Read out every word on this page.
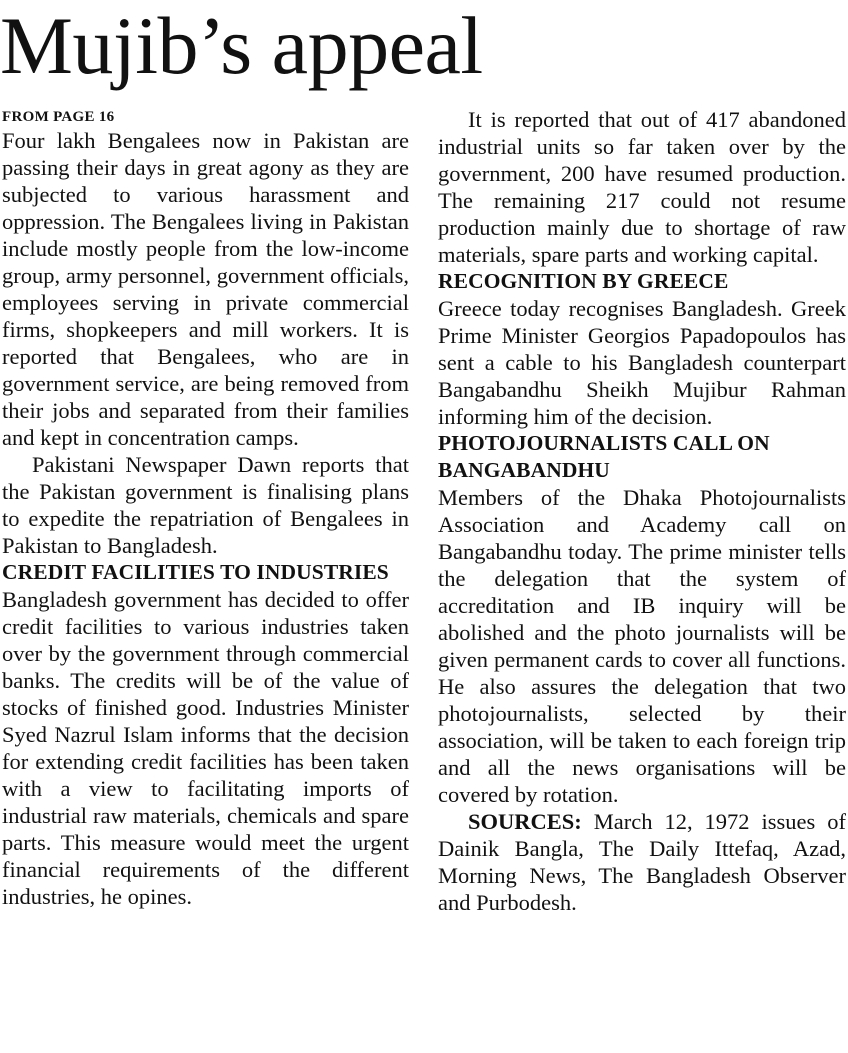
Mujib’s appeal
FROM PAGE 16

Four lakh Bengalees now in Pakistan are passing their days in great agony as they are subjected to various harassment and oppression. The Bengalees living in Pakistan include mostly people from the low-income group, army personnel, government officials, employees serving in private commercial firms, shopkeepers and mill workers. It is reported that Bengalees, who are in government service, are being removed from their jobs and separated from their families and kept in concentration camps.

Pakistani Newspaper Dawn reports that the Pakistan government is finalising plans to expedite the repatriation of Bengalees in Pakistan to Bangladesh.

CREDIT FACILITIES TO INDUSTRIES

Bangladesh government has decided to offer credit facilities to various industries taken over by the government through commercial banks. The credits will be of the value of stocks of finished good. Industries Minister Syed Nazrul Islam informs that the decision for extending credit facilities has been taken with a view to facilitating imports of industrial raw materials, chemicals and spare parts. This measure would meet the urgent financial requirements of the different industries, he opines.

It is reported that out of 417 abandoned industrial units so far taken over by the government, 200 have resumed production. The remaining 217 could not resume production mainly due to shortage of raw materials, spare parts and working capital.

RECOGNITION BY GREECE

Greece today recognises Bangladesh. Greek Prime Minister Georgios Papadopoulos has sent a cable to his Bangladesh counterpart Bangabandhu Sheikh Mujibur Rahman informing him of the decision.

PHOTOJOURNALISTS CALL ON BANGABANDHU

Members of the Dhaka Photojournalists Association and Academy call on Bangabandhu today. The prime minister tells the delegation that the system of accreditation and IB inquiry will be abolished and the photo journalists will be given permanent cards to cover all functions. He also assures the delegation that two photojournalists, selected by their association, will be taken to each foreign trip and all the news organisations will be covered by rotation.

SOURCES: March 12, 1972 issues of Dainik Bangla, The Daily Ittefaq, Azad, Morning News, The Bangladesh Observer and Purbodesh.
